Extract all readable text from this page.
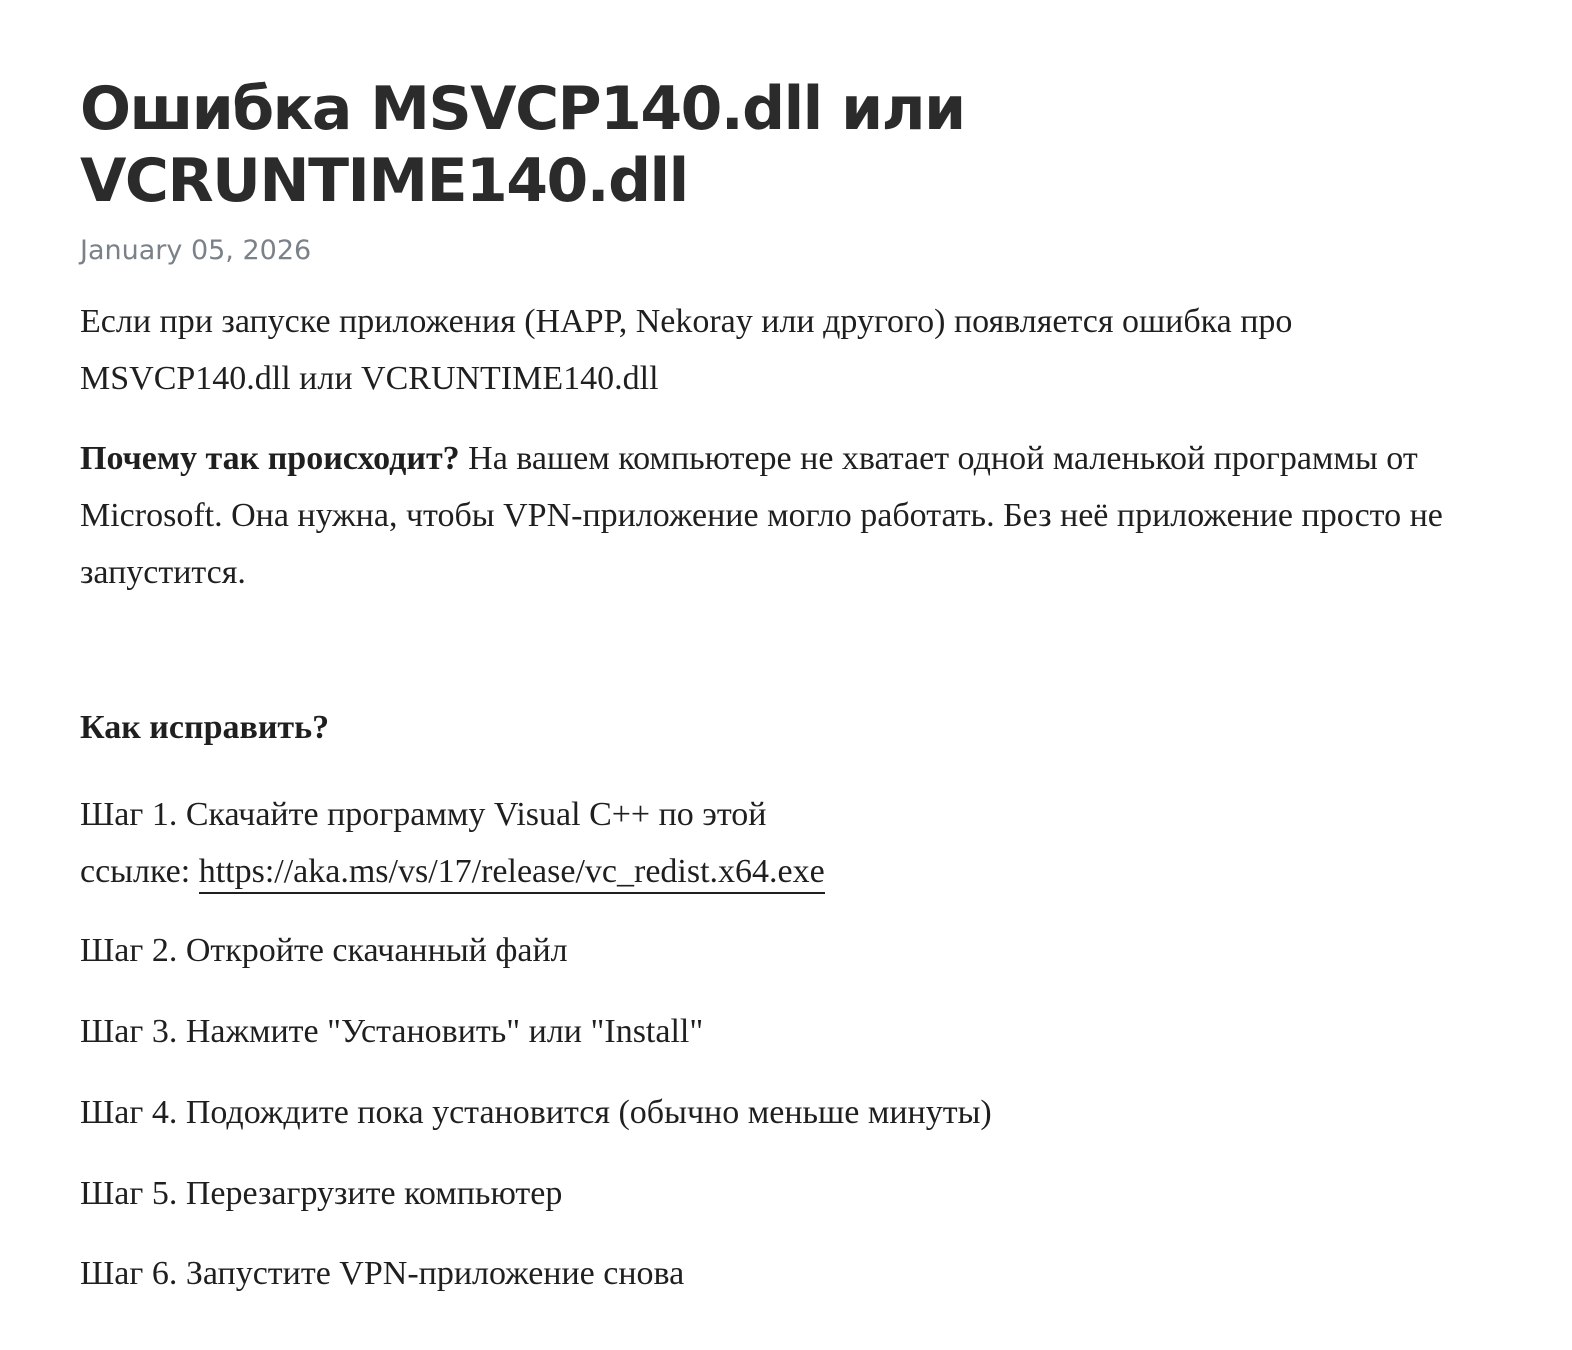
Ошибка MSVCP140.dll или
VCRUNTIME140.dll

January 05, 2026

Если при запуске приложения (HAPP, Nekoray или другого) появляется ошибка про MSVCP140.dll или VCRUNTIME140.dll

Почему так происходит? На вашем компьютере не хватает одной маленькой программы от Microsoft. Она нужна, чтобы VPN-приложение могло работать. Без неё приложение просто не запустится.

Как исправить?

Шаг 1. Скачайте программу Visual C++ по этой
ссылке: https://aka.ms/vs/17/release/vc_redist.x64.exe

Шаг 2. Откройте скачанный файл

Шаг 3. Нажмите "Установить" или "Install"

Шаг 4. Подождите пока установится (обычно меньше минуты)

Шаг 5. Перезагрузите компьютер

Шаг 6. Запустите VPN-приложение снова
